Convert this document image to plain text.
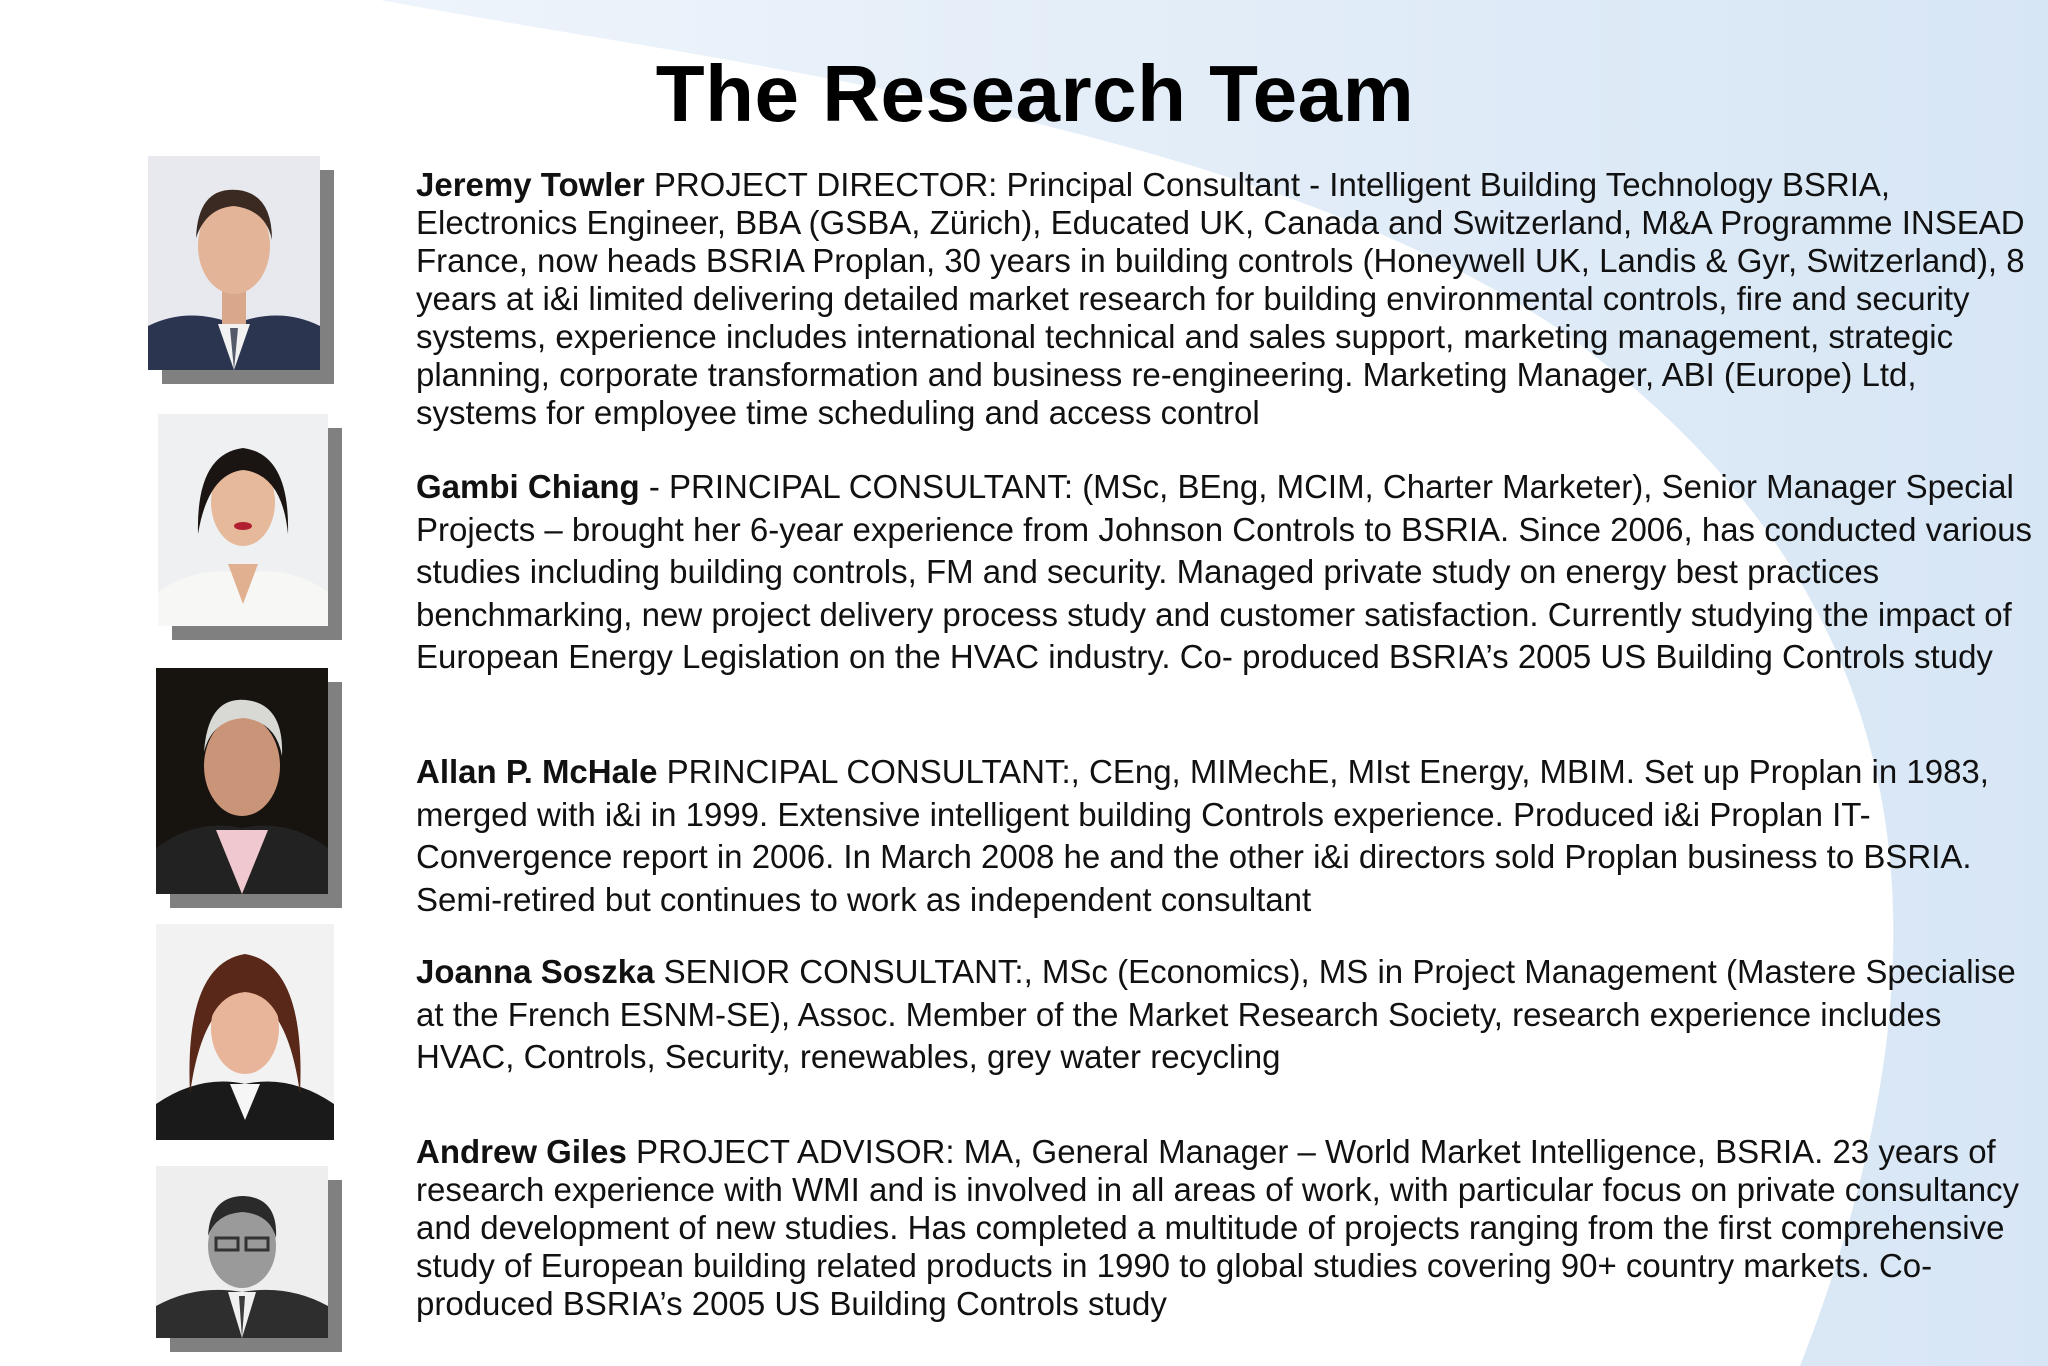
The Research Team

Jeremy Towler PROJECT DIRECTOR: Principal Consultant - Intelligent Building Technology BSRIA, Electronics Engineer, BBA (GSBA, Zürich), Educated UK, Canada and Switzerland, M&A Programme INSEAD France, now heads BSRIA Proplan, 30 years in building controls (Honeywell UK, Landis & Gyr, Switzerland), 8 years at i&i limited delivering detailed market research for building environmental controls, fire and security systems, experience includes international technical and sales support, marketing management, strategic planning, corporate transformation and business re-engineering. Marketing Manager, ABI (Europe) Ltd, systems for employee time scheduling and access control

Gambi Chiang - PRINCIPAL CONSULTANT: (MSc, BEng, MCIM, Charter Marketer), Senior Manager Special Projects – brought her 6-year experience from Johnson Controls to BSRIA. Since 2006, has conducted various studies including building controls, FM and security. Managed private study on energy best practices benchmarking, new project delivery process study and customer satisfaction. Currently studying the impact of European Energy Legislation on the HVAC industry. Co- produced BSRIA’s 2005 US Building Controls study

Allan P. McHale PRINCIPAL CONSULTANT:, CEng, MIMechE, MIst Energy, MBIM. Set up Proplan in 1983, merged with i&i in 1999. Extensive intelligent building Controls experience. Produced i&i Proplan IT-Convergence report in 2006. In March 2008 he and the other i&i directors sold Proplan business to BSRIA. Semi-retired but continues to work as independent consultant

Joanna Soszka SENIOR CONSULTANT:, MSc (Economics), MS in Project Management (Mastere Specialise at the French ESNM-SE), Assoc. Member of the Market Research Society, research experience includes HVAC, Controls, Security, renewables, grey water recycling

Andrew Giles PROJECT ADVISOR: MA, General Manager – World Market Intelligence, BSRIA. 23 years of research experience with WMI and is involved in all areas of work, with particular focus on private consultancy and development of new studies. Has completed a multitude of projects ranging from the first comprehensive study of European building related products in 1990 to global studies covering 90+ country markets. Co- produced BSRIA’s 2005 US Building Controls study
